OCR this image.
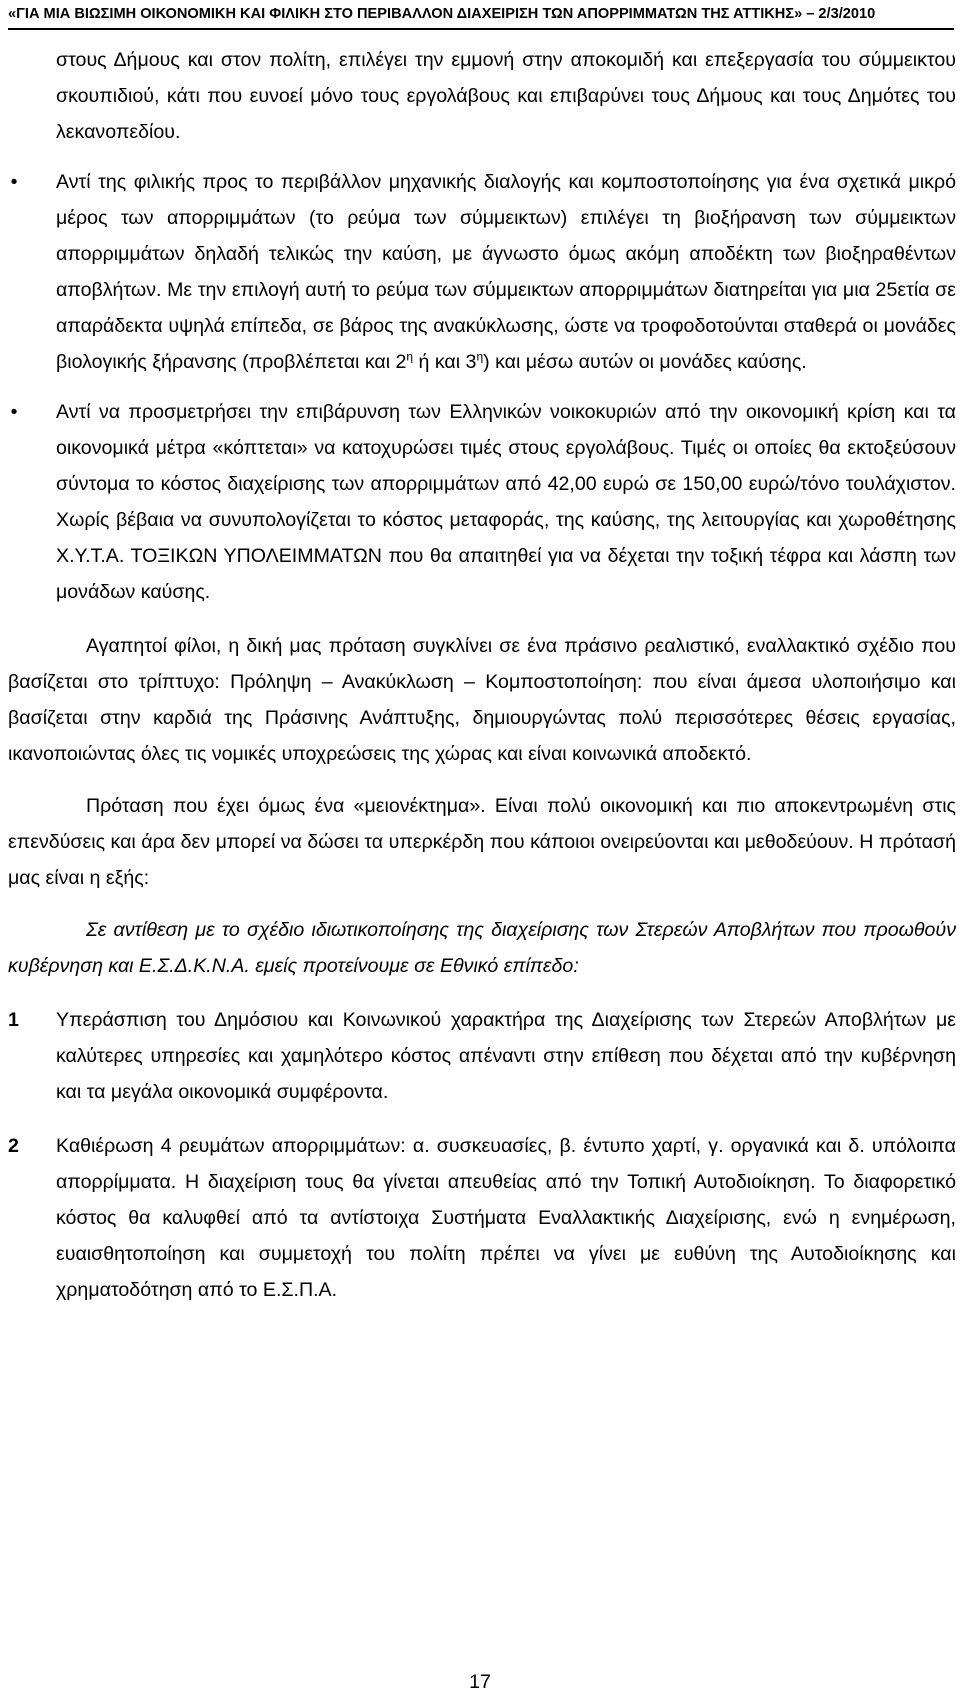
«ΓΙΑ ΜΙΑ ΒΙΩΣΙΜΗ ΟΙΚΟΝΟΜΙΚΗ ΚΑΙ ΦΙΛΙΚΗ ΣΤΟ ΠΕΡΙΒΑΛΛΟΝ ΔΙΑΧΕΙΡΙΣΗ ΤΩΝ ΑΠΟΡΡΙΜΜΑΤΩΝ ΤΗΣ ΑΤΤΙΚΗΣ» – 2/3/2010
στους Δήμους και στον πολίτη, επιλέγει την εμμονή στην αποκομιδή και επεξεργασία του σύμμεικτου σκουπιδιού, κάτι που ευνοεί μόνο τους εργολάβους και επιβαρύνει τους Δήμους και τους Δημότες του λεκανοπεδίου.
• Αντί της φιλικής προς το περιβάλλον μηχανικής διαλογής και κομποστοποίησης για ένα σχετικά μικρό μέρος των απορριμμάτων (το ρεύμα των σύμμεικτων) επιλέγει τη βιοξήρανση των σύμμεικτων απορριμμάτων δηλαδή τελικώς την καύση, με άγνωστο όμως ακόμη αποδέκτη των βιοξηραθέντων αποβλήτων. Με την επιλογή αυτή το ρεύμα των σύμμεικτων απορριμμάτων διατηρείται για μια 25ετία σε απαράδεκτα υψηλά επίπεδα, σε βάρος της ανακύκλωσης, ώστε να τροφοδοτούνται σταθερά οι μονάδες βιολογικής ξήρανσης (προβλέπεται και $2^\eta$ ή και $3^\eta$) και μέσω αυτών οι μονάδες καύσης.
• Αντί να προσμετρήσει την επιβάρυνση των Ελληνικών νοικοκυριών από την οικονομική κρίση και τα οικονομικά μέτρα «κόπτεται» να κατοχυρώσει τιμές στους εργολάβους. Τιμές οι οποίες θα εκτοξεύσουν σύντομα το κόστος διαχείρισης των απορριμμάτων από 42,00 ευρώ σε 150,00 ευρώ/τόνο τουλάχιστον. Χωρίς βέβαια να συνυπολογίζεται το κόστος μεταφοράς, της καύσης, της λειτουργίας και χωροθέτησης Χ.Υ.Τ.Α. ΤΟΞΙΚΩΝ ΥΠΟΛΕΙΜΜΑΤΩΝ που θα απαιτηθεί για να δέχεται την τοξική τέφρα και λάσπη των μονάδων καύσης.

Αγαπητοί φίλοι, η δική μας πρόταση συγκλίνει σε ένα πράσινο ρεαλιστικό, εναλλακτικό σχέδιο που βασίζεται στο τρίπτυχο: Πρόληψη – Ανακύκλωση – Κομποστοποίηση: που είναι άμεσα υλοποιήσιμο και βασίζεται στην καρδιά της Πράσινης Ανάπτυξης, δημιουργώντας πολύ περισσότερες θέσεις εργασίας, ικανοποιώντας όλες τις νομικές υποχρεώσεις της χώρας και είναι κοινωνικά αποδεκτό.

Πρόταση που έχει όμως ένα «μειονέκτημα». Είναι πολύ οικονομική και πιο αποκεντρωμένη στις επενδύσεις και άρα δεν μπορεί να δώσει τα υπερκέρδη που κάποιοι ονειρεύονται και μεθοδεύουν. Η πρότασή μας είναι η εξής:

Σε αντίθεση με το σχέδιο ιδιωτικοποίησης της διαχείρισης των Στερεών Αποβλήτων που προωθούν κυβέρνηση και Ε.Σ.Δ.Κ.Ν.Α. εμείς προτείνουμε σε Εθνικό επίπεδο:

1 Υπεράσπιση του Δημόσιου και Κοινωνικού χαρακτήρα της Διαχείρισης των Στερεών Αποβλήτων με καλύτερες υπηρεσίες και χαμηλότερο κόστος απέναντι στην επίθεση που δέχεται από την κυβέρνηση και τα μεγάλα οικονομικά συμφέροντα.
2 Καθιέρωση 4 ρευμάτων απορριμμάτων: α. συσκευασίες, β. έντυπο χαρτί, γ. οργανικά και δ. υπόλοιπα απορρίμματα. Η διαχείριση τους θα γίνεται απευθείας από την Τοπική Αυτοδιοίκηση. Το διαφορετικό κόστος θα καλυφθεί από τα αντίστοιχα Συστήματα Εναλλακτικής Διαχείρισης, ενώ η ενημέρωση, ευαισθητοποίηση και συμμετοχή του πολίτη πρέπει να γίνει με ευθύνη της Αυτοδιοίκησης και χρηματοδότηση από το Ε.Σ.Π.Α.
17
